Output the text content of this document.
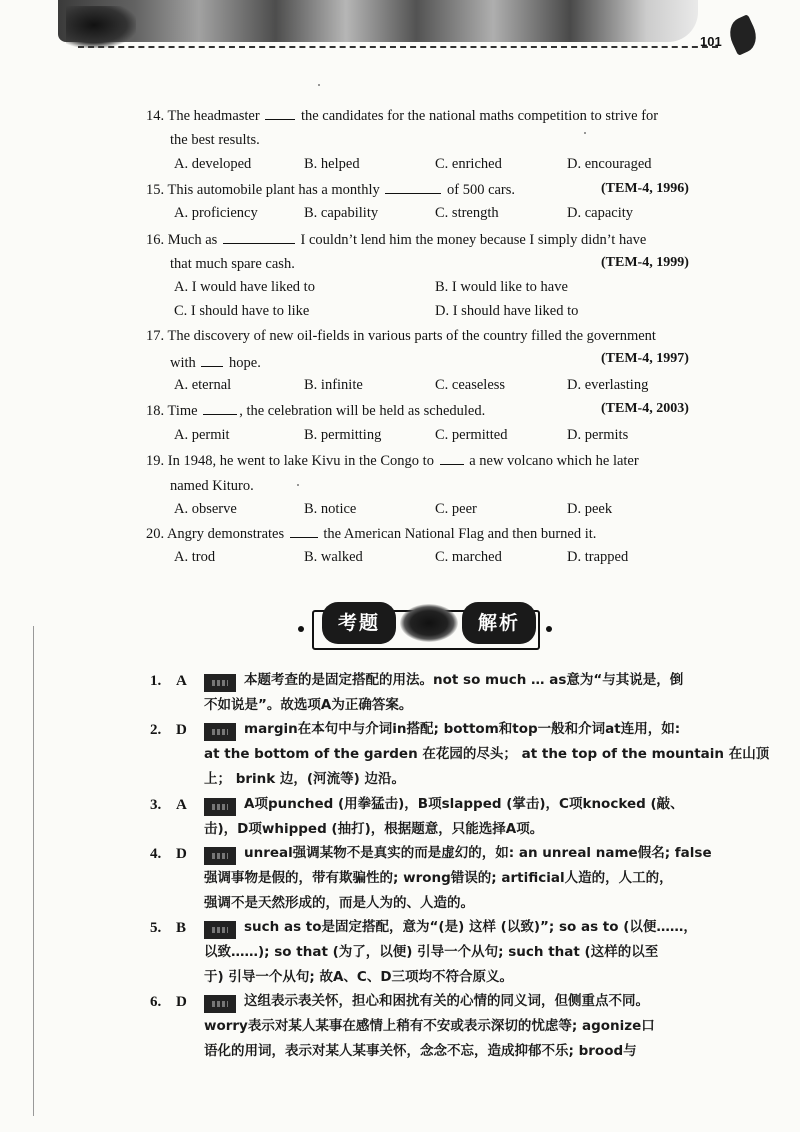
101
14. The headmaster  the candidates for the national maths competition to strive for
the best results.
A. developed	B. helped	C. enriched	D. encouraged
15. This automobile plant has a monthly	of 500 cars.	(TEM-4, 1996)
A. proficiency	B. capability	C. strength	D. capacity
16. Much as	I couldn’t lend him the money because I simply didn’t have
that much spare cash.	(TEM-4, 1999)
A. I would have liked to	B. I would like to have
C. I should have to like	D. I should have liked to
17. The discovery of new oil-fields in various parts of the country filled the government
with  hope.	(TEM-4, 1997)
A. eternal	B. infinite	C. ceaseless	D. everlasting
18. Time	, the celebration will be held as scheduled.	(TEM-4, 2003)
A. permit	B. permitting	C. permitted	D. permits
19. In 1948, he went to lake Kivu in the Congo to  a new volcano which he later
named Kituro.
A. observe	B. notice	C. peer	D. peek
20. Angry demonstrates  the American National Flag and then burned it.
A. trod	B. walked	C. marched	D. trapped
考题	解析
1. A	本题考查的是固定搭配的用法。not so much … as意为“与其说是，倒
不如说是”。故选项A为正确答案。
2. D	margin在本句中与介词in搭配; bottom和top一般和介词at连用，如:
at the bottom of the garden 在花园的尽头； at the top of the mountain 在山顶
上； brink 边，(河流等) 边沿。
3. A	A项punched (用拳猛击)，B项slapped (掌击)，C项knocked (敲、
击)，D项whipped (抽打)，根据题意，只能选择A项。
4. D	unreal强调某物不是真实的而是虚幻的，如: an unreal name假名; false
强调事物是假的，带有欺骗性的; wrong错误的; artificial人造的，人工的，
强调不是天然形成的，而是人为的、人造的。
5. B	such as to是固定搭配，意为“(是) 这样 (以致)”; so as to (以便……，
以致……); so that (为了，以便) 引导一个从句; such that (这样的以至
于) 引导一个从句; 故A、C、D三项均不符合原义。
6. D	这组表示表关怀，担心和困扰有关的心情的同义词，但侧重点不同。
worry表示对某人某事在感情上稍有不安或表示深切的忧虑等; agonize口
语化的用词，表示对某人某事关怀，念念不忘，造成抑郁不乐; brood与
